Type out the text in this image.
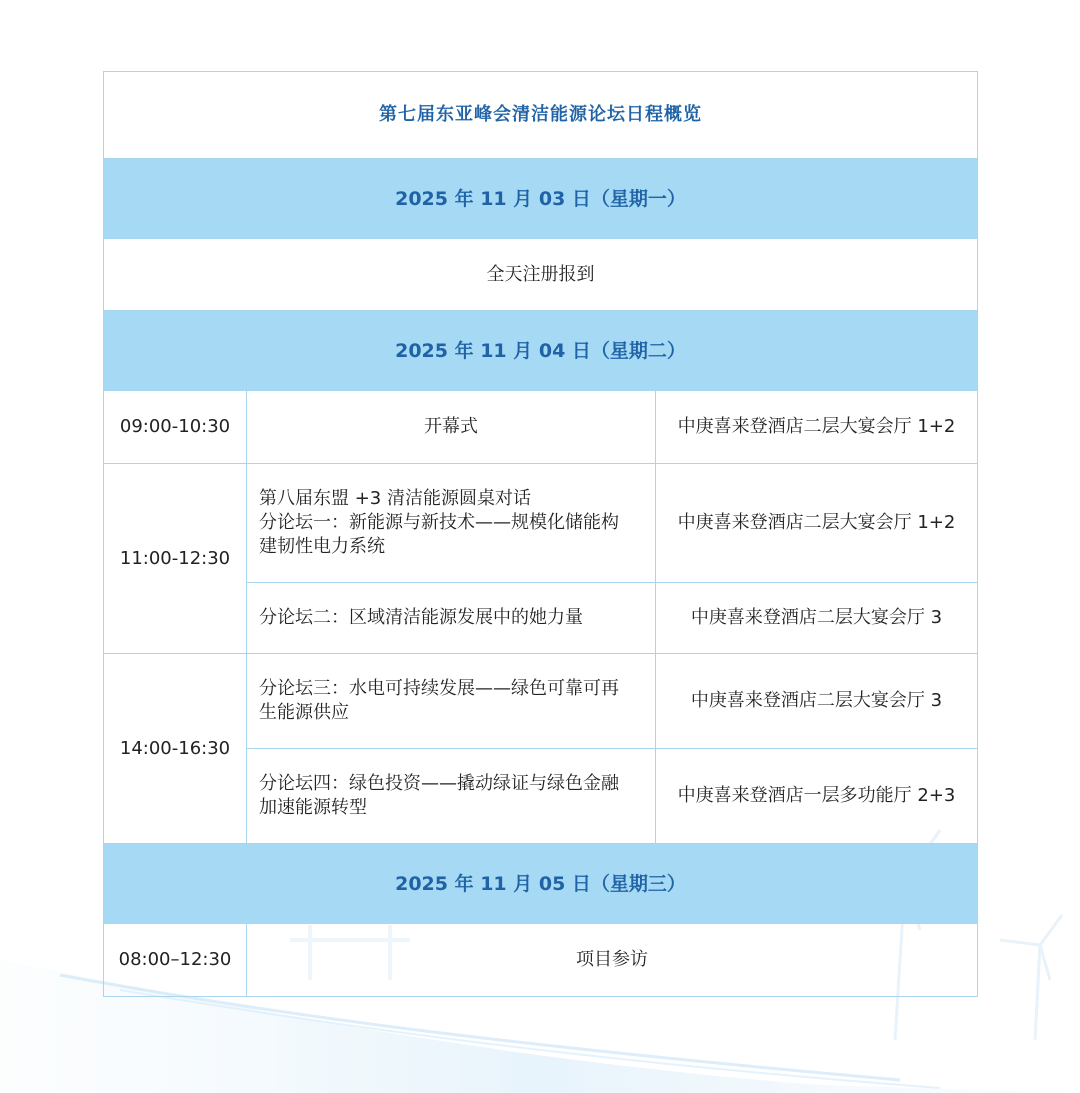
第七届东亚峰会清洁能源论坛日程概览		
2025 年 11 月 03 日（星期一）		
全天注册报到		
2025 年 11 月 04 日（星期二）		
09:00-10:30	开幕式	中庚喜来登酒店二层大宴会厅 1+2
11:00-12:30	第八届东盟 +3 清洁能源圆桌对话
分论坛一：新能源与新技术——规模化储能构
建韧性电力系统	中庚喜来登酒店二层大宴会厅 1+2

	分论坛二：区域清洁能源发展中的她力量	中庚喜来登酒店二层大宴会厅 3
14:00-16:30	分论坛三：水电可持续发展——绿色可靠可再
生能源供应	中庚喜来登酒店二层大宴会厅 3

	分论坛四：绿色投资——撬动绿证与绿色金融
加速能源转型	中庚喜来登酒店一层多功能厅 2+3
2025 年 11 月 05 日（星期三）		
08:00–12:30	项目参访	
